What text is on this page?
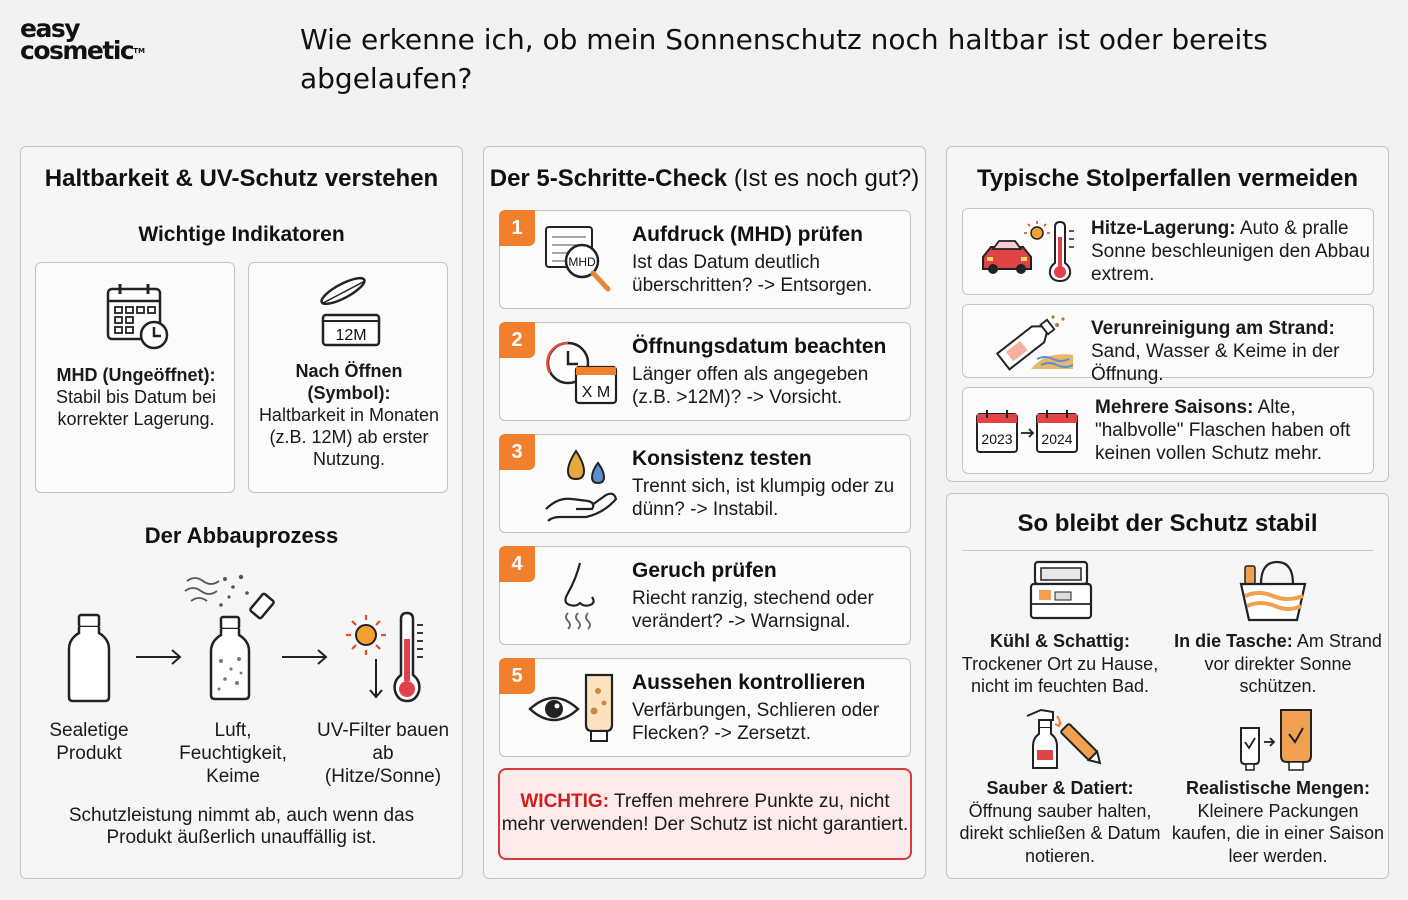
easy
cosmetic™	Wie erkenne ich, ob mein Sonnenschutz noch haltbar ist oder bereits abgelaufen?
Haltbarkeit & UV-Schutz verstehen
Wichtige Indikatoren
MHD (Ungeöffnet):
Stabil bis Datum bei korrekter Lagerung.
12M
Nach Öffnen (Symbol):
Haltbarkeit in Monaten (z.B. 12M) ab erster Nutzung.
Der Abbauprozess
Sealetige Produkt
Luft, Feuchtigkeit, Keime
UV-Filter bauen ab (Hitze/Sonne)
Schutzleistung nimmt ab, auch wenn das Produkt äußerlich unauffällig ist.
Der 5-Schritte-Check (Ist es noch gut?)
1
MHD
Aufdruck (MHD) prüfen
Ist das Datum deutlich überschritten? -> Entsorgen.
2
X M
Öffnungsdatum beachten
Länger offen als angegeben (z.B. >12M)? -> Vorsicht.
3	Konsistenz testen
Trennt sich, ist klumpig oder zu dünn? -> Instabil.
4	Geruch prüfen
Riecht ranzig, stechend oder verändert? -> Warnsignal.
5	Aussehen kontrollieren
Verfärbungen, Schlieren oder Flecken? -> Zersetzt.
WICHTIG: Treffen mehrere Punkte zu, nicht mehr verwenden! Der Schutz ist nicht garantiert.
Typische Stolperfallen vermeiden
Hitze-Lagerung: Auto & pralle Sonne beschleunigen den Abbau extrem.
Verunreinigung am Strand: Sand, Wasser & Keime in der Öffnung.
2023 2024
Mehrere Saisons: Alte, "halbvolle" Flaschen haben oft keinen vollen Schutz mehr.
So bleibt der Schutz stabil
Kühl & Schattig:
Trockener Ort zu Hause, nicht im feuchten Bad.
In die Tasche: Am Strand vor direkter Sonne schützen.
Sauber & Datiert:
Öffnung sauber halten, direkt schließen & Datum notieren.
Realistische Mengen:
Kleinere Packungen kaufen, die in einer Saison leer werden.
